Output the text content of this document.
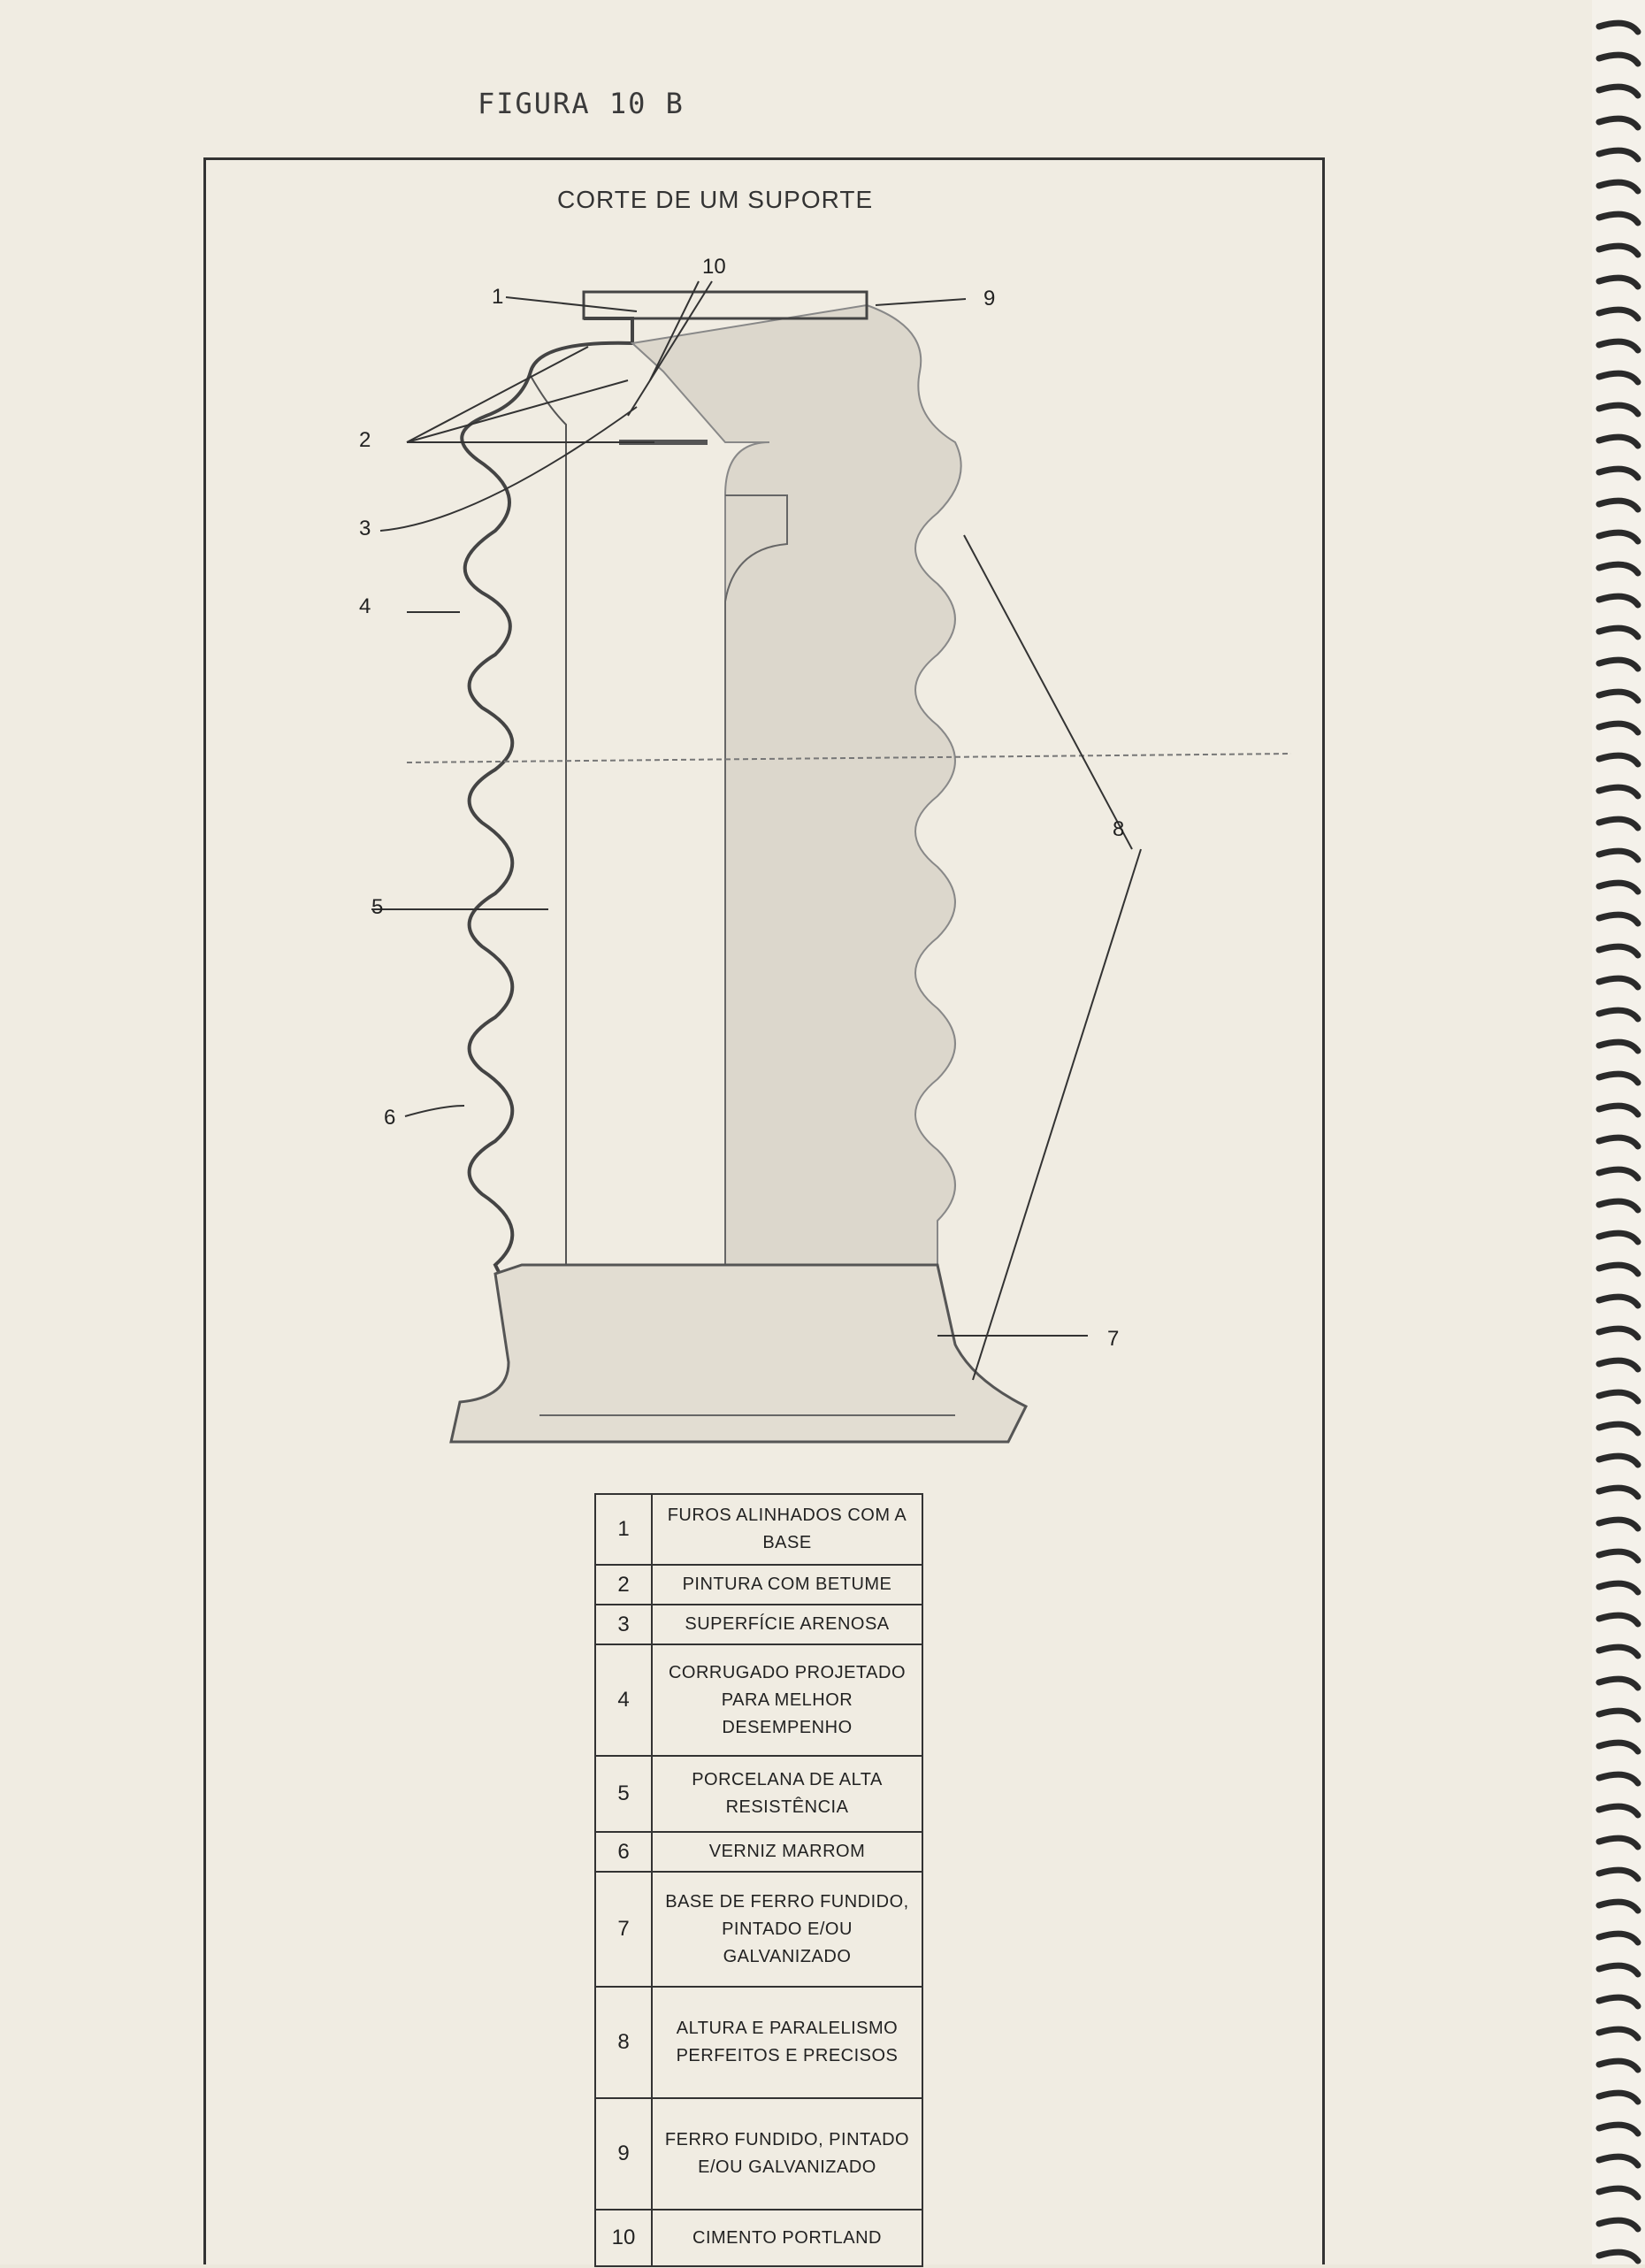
FIGURA 10 B
CORTE DE UM SUPORTE
1
2
3
4
5
6
7
8
9
10
1	FUROS ALINHADOS COM A BASE
2	PINTURA COM BETUME
3	SUPERFÍCIE ARENOSA
4	CORRUGADO PROJETADO PARA MELHOR DESEMPENHO
5	PORCELANA DE ALTA RESISTÊNCIA
6	VERNIZ MARROM
7	BASE DE FERRO FUNDIDO, PINTADO E/OU GALVANIZADO
8	ALTURA E PARALELISMO PERFEITOS E PRECISOS
9	FERRO FUNDIDO, PINTADO E/OU GALVANIZADO
10	CIMENTO PORTLAND
